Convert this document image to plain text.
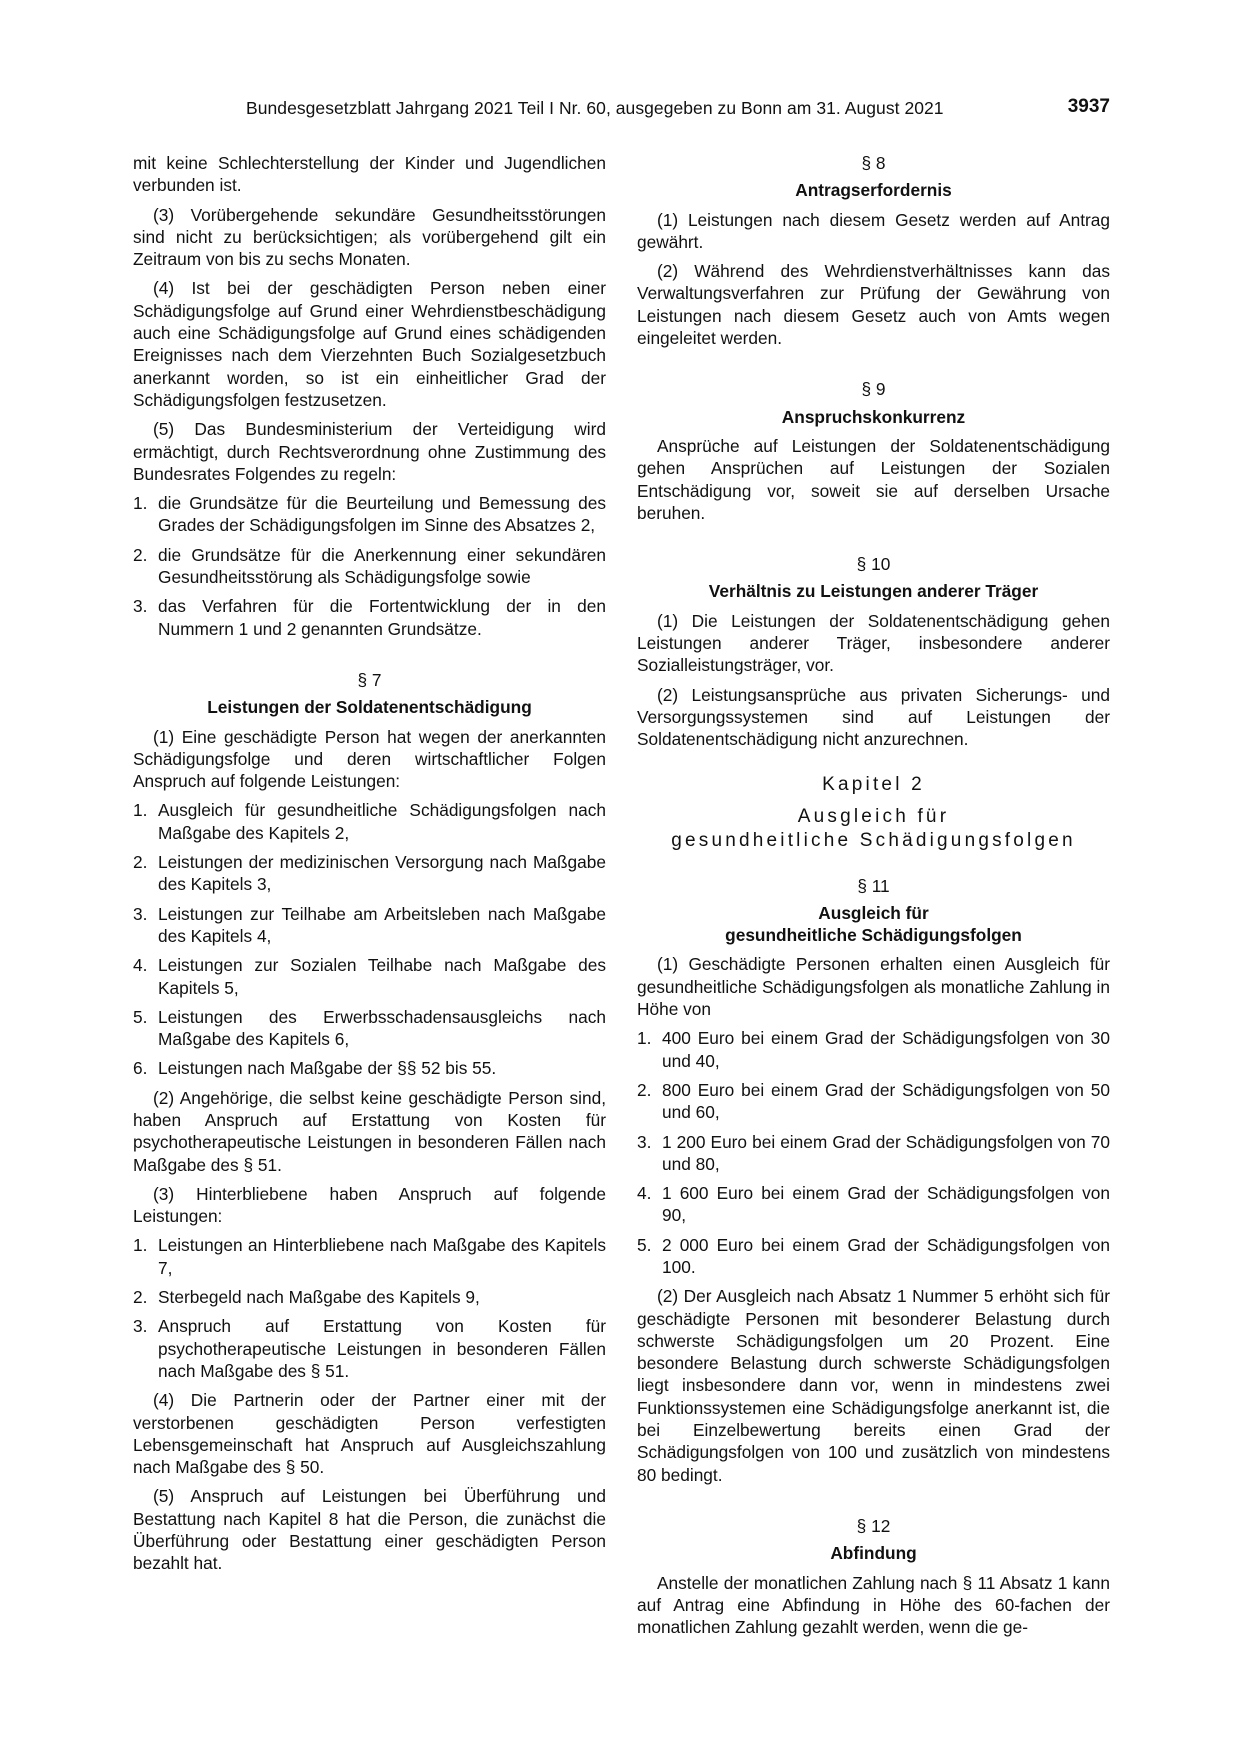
Bundesgesetzblatt Jahrgang 2021 Teil I Nr. 60, ausgegeben zu Bonn am 31. August 2021	3937

mit keine Schlechterstellung der Kinder und Jugendlichen verbunden ist.

(3) Vorübergehende sekundäre Gesundheitsstörungen sind nicht zu berücksichtigen; als vorübergehend gilt ein Zeitraum von bis zu sechs Monaten.

(4) Ist bei der geschädigten Person neben einer Schädigungsfolge auf Grund einer Wehrdienstbeschädigung auch eine Schädigungsfolge auf Grund eines schädigenden Ereignisses nach dem Vierzehnten Buch Sozialgesetzbuch anerkannt worden, so ist ein einheitlicher Grad der Schädigungsfolgen festzusetzen.

(5) Das Bundesministerium der Verteidigung wird ermächtigt, durch Rechtsverordnung ohne Zustimmung des Bundesrates Folgendes zu regeln:

1. die Grundsätze für die Beurteilung und Bemessung des Grades der Schädigungsfolgen im Sinne des Absatzes 2,
2. die Grundsätze für die Anerkennung einer sekundären Gesundheitsstörung als Schädigungsfolge sowie
3. das Verfahren für die Fortentwicklung der in den Nummern 1 und 2 genannten Grundsätze.
§ 7
Leistungen der Soldatenentschädigung

(1) Eine geschädigte Person hat wegen der anerkannten Schädigungsfolge und deren wirtschaftlicher Folgen Anspruch auf folgende Leistungen:

1. Ausgleich für gesundheitliche Schädigungsfolgen nach Maßgabe des Kapitels 2,
2. Leistungen der medizinischen Versorgung nach Maßgabe des Kapitels 3,
3. Leistungen zur Teilhabe am Arbeitsleben nach Maßgabe des Kapitels 4,
4. Leistungen zur Sozialen Teilhabe nach Maßgabe des Kapitels 5,
5. Leistungen des Erwerbsschadensausgleichs nach Maßgabe des Kapitels 6,
6. Leistungen nach Maßgabe der §§ 52 bis 55.

(2) Angehörige, die selbst keine geschädigte Person sind, haben Anspruch auf Erstattung von Kosten für psychotherapeutische Leistungen in besonderen Fällen nach Maßgabe des § 51.

(3) Hinterbliebene haben Anspruch auf folgende Leistungen:

1. Leistungen an Hinterbliebene nach Maßgabe des Kapitels 7,
2. Sterbegeld nach Maßgabe des Kapitels 9,
3. Anspruch auf Erstattung von Kosten für psychotherapeutische Leistungen in besonderen Fällen nach Maßgabe des § 51.

(4) Die Partnerin oder der Partner einer mit der verstorbenen geschädigten Person verfestigten Lebensgemeinschaft hat Anspruch auf Ausgleichszahlung nach Maßgabe des § 50.

(5) Anspruch auf Leistungen bei Überführung und Bestattung nach Kapitel 8 hat die Person, die zunächst die Überführung oder Bestattung einer geschädigten Person bezahlt hat.

§ 8
Antragserfordernis

(1) Leistungen nach diesem Gesetz werden auf Antrag gewährt.

(2) Während des Wehrdienstverhältnisses kann das Verwaltungsverfahren zur Prüfung der Gewährung von Leistungen nach diesem Gesetz auch von Amts wegen eingeleitet werden.

§ 9
Anspruchskonkurrenz

Ansprüche auf Leistungen der Soldatenentschädigung gehen Ansprüchen auf Leistungen der Sozialen Entschädigung vor, soweit sie auf derselben Ursache beruhen.

§ 10
Verhältnis zu Leistungen anderer Träger

(1) Die Leistungen der Soldatenentschädigung gehen Leistungen anderer Träger, insbesondere anderer Sozialleistungsträger, vor.

(2) Leistungsansprüche aus privaten Sicherungs- und Versorgungssystemen sind auf Leistungen der Soldatenentschädigung nicht anzurechnen.

Kapitel 2
Ausgleich für
gesundheitliche Schädigungsfolgen
§ 11
Ausgleich für
gesundheitliche Schädigungsfolgen

(1) Geschädigte Personen erhalten einen Ausgleich für gesundheitliche Schädigungsfolgen als monatliche Zahlung in Höhe von

1. 400 Euro bei einem Grad der Schädigungsfolgen von 30 und 40,
2. 800 Euro bei einem Grad der Schädigungsfolgen von 50 und 60,
3. 1 200 Euro bei einem Grad der Schädigungsfolgen von 70 und 80,
4. 1 600 Euro bei einem Grad der Schädigungsfolgen von 90,
5. 2 000 Euro bei einem Grad der Schädigungsfolgen von 100.

(2) Der Ausgleich nach Absatz 1 Nummer 5 erhöht sich für geschädigte Personen mit besonderer Belastung durch schwerste Schädigungsfolgen um 20 Prozent. Eine besondere Belastung durch schwerste Schädigungsfolgen liegt insbesondere dann vor, wenn in mindestens zwei Funktionssystemen eine Schädigungsfolge anerkannt ist, die bei Einzelbewertung bereits einen Grad der Schädigungsfolgen von 100 und zusätzlich von mindestens 80 bedingt.

§ 12
Abfindung

Anstelle der monatlichen Zahlung nach § 11 Absatz 1 kann auf Antrag eine Abfindung in Höhe des 60-fachen der monatlichen Zahlung gezahlt werden, wenn die ge-
